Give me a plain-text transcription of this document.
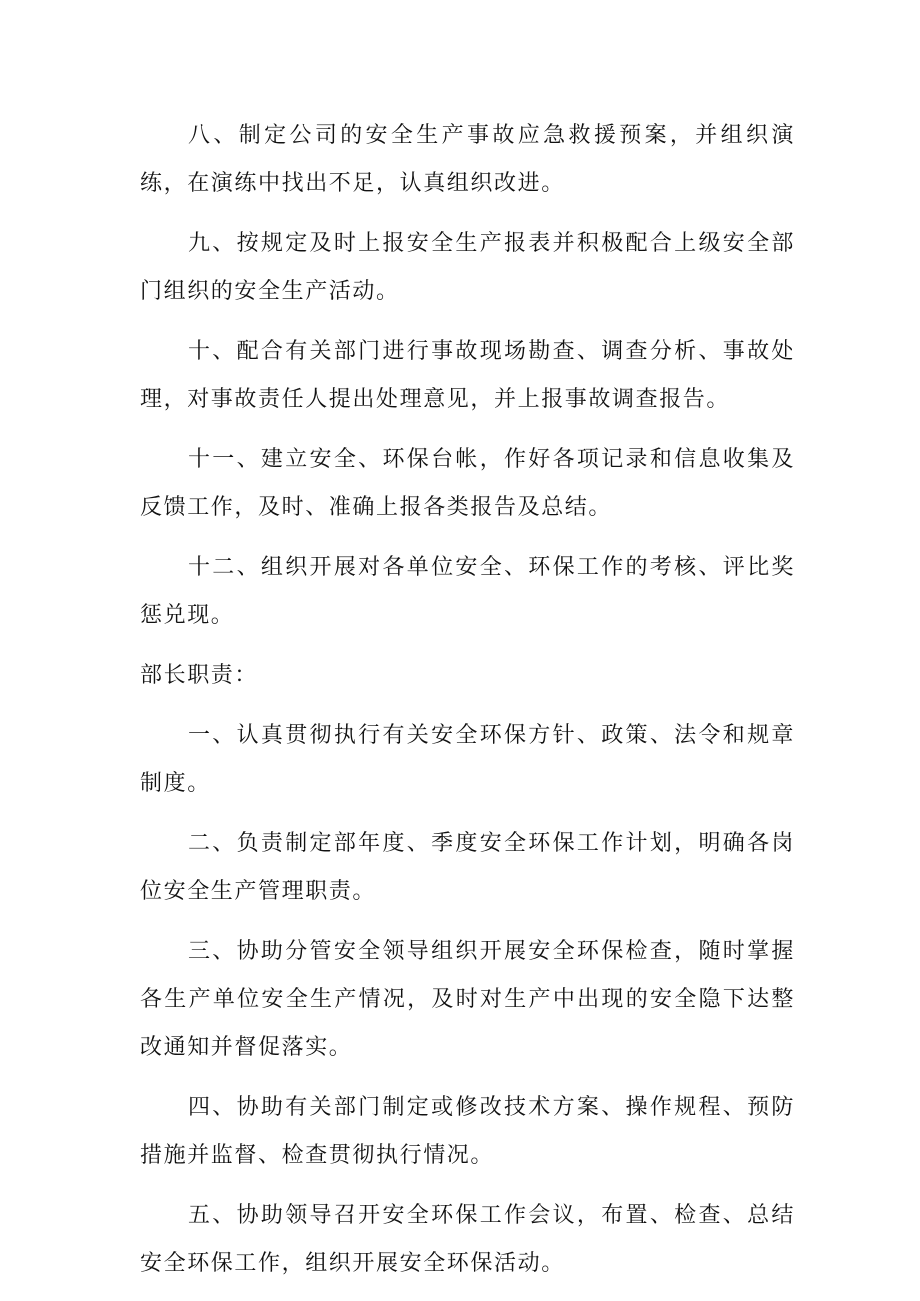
八、制定公司的安全生产事故应急救援预案，并组织演练，在演练中找出不足，认真组织改进。

九、按规定及时上报安全生产报表并积极配合上级安全部门组织的安全生产活动。

十、配合有关部门进行事故现场勘查、调查分析、事故处理，对事故责任人提出处理意见，并上报事故调查报告。

十一、建立安全、环保台帐，作好各项记录和信息收集及反馈工作，及时、准确上报各类报告及总结。

十二、组织开展对各单位安全、环保工作的考核、评比奖惩兑现。

部长职责：

一、认真贯彻执行有关安全环保方针、政策、法令和规章制度。

二、负责制定部年度、季度安全环保工作计划，明确各岗位安全生产管理职责。

三、协助分管安全领导组织开展安全环保检查，随时掌握各生产单位安全生产情况，及时对生产中出现的安全隐下达整改通知并督促落实。

四、协助有关部门制定或修改技术方案、操作规程、预防措施并监督、检查贯彻执行情况。

五、协助领导召开安全环保工作会议，布置、检查、总结安全环保工作，组织开展安全环保活动。
